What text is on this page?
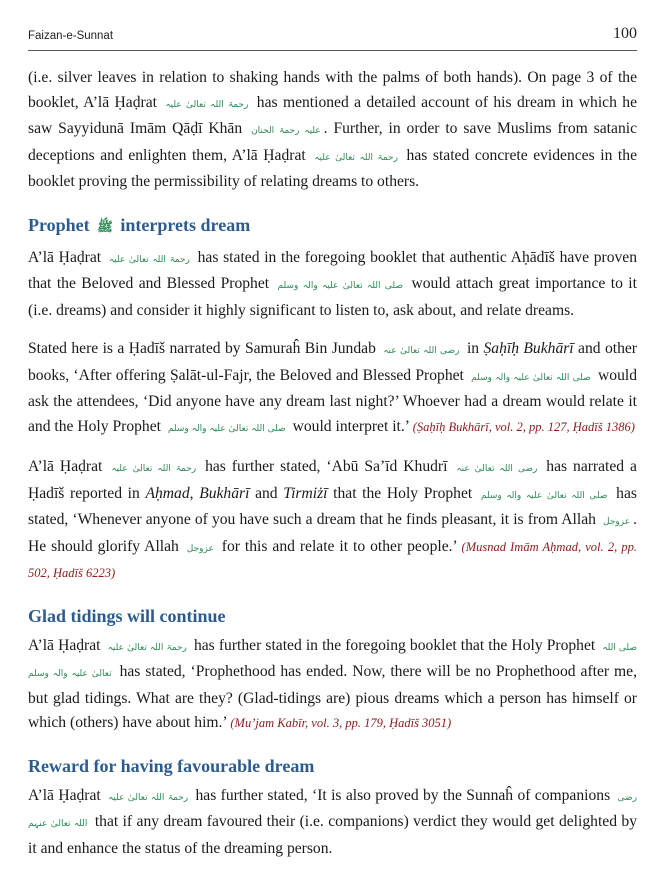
Faizan-e-Sunnat	100

(i.e. silver leaves in relation to shaking hands with the palms of both hands). On page 3 of the booklet, A’lā Ḥaḍrat رحمۃ اللہ تعالیٰ علیہ has mentioned a detailed account of his dream in which he saw Sayyidunā Imām Qāḍī Khān علیہ رحمۃ الحنان . Further, in order to save Muslims from satanic deceptions and enlighten them, A’lā Ḥaḍrat رحمۃ اللہ تعالیٰ علیہ has stated concrete evidences in the booklet proving the permissibility of relating dreams to others.

Prophet ﷺ interprets dream

A’lā Ḥaḍrat رحمۃ اللہ تعالیٰ علیہ has stated in the foregoing booklet that authentic Aḥādīš have proven that the Beloved and Blessed Prophet صلی اللہ تعالیٰ علیہ والہ وسلم would attach great importance to it (i.e. dreams) and consider it highly significant to listen to, ask about, and relate dreams.

Stated here is a Ḥadīš narrated by Samuraĥ Bin Jundab رضی اللہ تعالیٰ عنہ in Ṣaḥīḥ Bukhārī and other books, ‘After offering Ṣalāt-ul-Fajr, the Beloved and Blessed Prophet صلی اللہ تعالیٰ علیہ والہ وسلم would ask the attendees, ‘Did anyone have any dream last night?’ Whoever had a dream would relate it and the Holy Prophet صلی اللہ تعالیٰ علیہ والہ وسلم would interpret it.’ (Ṣaḥīḥ Bukhārī, vol. 2, pp. 127, Ḥadīš 1386)

A’lā Ḥaḍrat رحمۃ اللہ تعالیٰ علیہ has further stated, ‘Abū Sa’īd Khudrī رضی اللہ تعالیٰ عنہ has narrated a Ḥadīš reported in Aḥmad, Bukhārī and Tirmiżī that the Holy Prophet صلی اللہ تعالیٰ علیہ والہ وسلم has stated, ‘Whenever anyone of you have such a dream that he finds pleasant, it is from Allah عزوجل . He should glorify Allah عزوجل for this and relate it to other people.’ (Musnad Imām Aḥmad, vol. 2, pp. 502, Ḥadīš 6223)

Glad tidings will continue

A’lā Ḥaḍrat رحمۃ اللہ تعالیٰ علیہ has further stated in the foregoing booklet that the Holy Prophet صلی اللہ تعالیٰ علیہ والہ وسلم has stated, ‘Prophethood has ended. Now, there will be no Prophethood after me, but glad tidings. What are they? (Glad-tidings are) pious dreams which a person has himself or which (others) have about him.’ (Mu’jam Kabīr, vol. 3, pp. 179, Ḥadīš 3051)

Reward for having favourable dream

A’lā Ḥaḍrat رحمۃ اللہ تعالیٰ علیہ has further stated, ‘It is also proved by the Sunnaĥ of companions رضی اللہ تعالیٰ عنہم that if any dream favoured their (i.e. companions) verdict they would get delighted by it and enhance the status of the dreaming person.
